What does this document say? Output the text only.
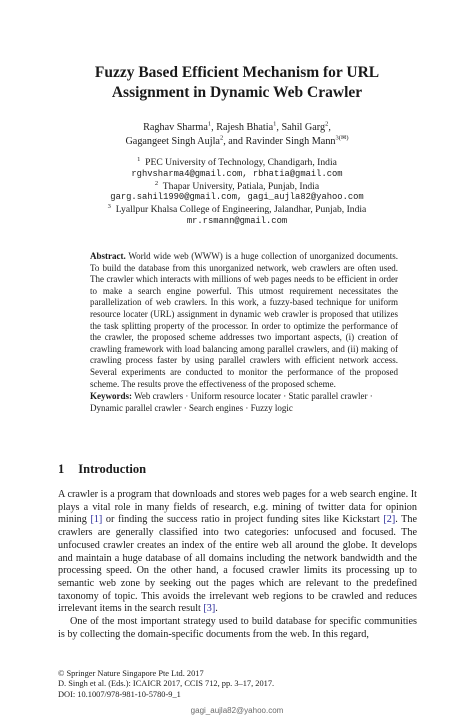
Fuzzy Based Efficient Mechanism for URL
Assignment in Dynamic Web Crawler
Raghav Sharma$^1$, Rajesh Bhatia$^1$, Sahil Garg$^2$,
Gagangeet Singh Aujla$^2$, and Ravinder Singh Mann$^{3(✉)}$
$^1$ PEC University of Technology, Chandigarh, India
rghvsharma4@gmail.com, rbhatia@gmail.com
$^2$ Thapar University, Patiala, Punjab, India
garg.sahil1990@gmail.com, gagi_aujla82@yahoo.com
$^3$ Lyallpur Khalsa College of Engineering, Jalandhar, Punjab, India
mr.rsmann@gmail.com
Abstract. World wide web (WWW) is a huge collection of unorganized documents. To build the database from this unorganized network, web crawlers are often used. The crawler which interacts with millions of web pages needs to be efficient in order to make a search engine powerful. This utmost requirement necessitates the parallelization of web crawlers. In this work, a fuzzy-based technique for uniform resource locater (URL) assignment in dynamic web crawler is proposed that utilizes the task splitting property of the processor. In order to optimize the performance of the crawler, the proposed scheme addresses two important aspects, (i) creation of crawling framework with load balancing among parallel crawlers, and (ii) making of crawling process faster by using parallel crawlers with efficient network access. Several experiments are conducted to monitor the performance of the proposed scheme. The results prove the effectiveness of the proposed scheme.
Keywords: Web crawlers · Uniform resource locater · Static parallel crawler · Dynamic parallel crawler · Search engines · Fuzzy logic
1 Introduction

A crawler is a program that downloads and stores web pages for a web search engine. It plays a vital role in many fields of research, e.g. mining of twitter data for opinion mining [1] or finding the success ratio in project funding sites like Kickstart [2]. The crawlers are generally classified into two categories: unfocused and focused. The unfocused crawler creates an index of the entire web all around the globe. It develops and maintain a huge database of all domains including the network bandwidth and the processing speed. On the other hand, a focused crawler limits its processing up to semantic web zone by seeking out the pages which are relevant to the predefined taxonomy of topic. This avoids the irrelevant web regions to be crawled and reduces irrelevant items in the search result [3].

One of the most important strategy used to build database for specific communities is by collecting the domain-specific documents from the web. In this regard,

© Springer Nature Singapore Pte Ltd. 2017
D. Singh et al. (Eds.): ICAICR 2017, CCIS 712, pp. 3–17, 2017.
DOI: 10.1007/978-981-10-5780-9_1
gagi_aujla82@yahoo.com
